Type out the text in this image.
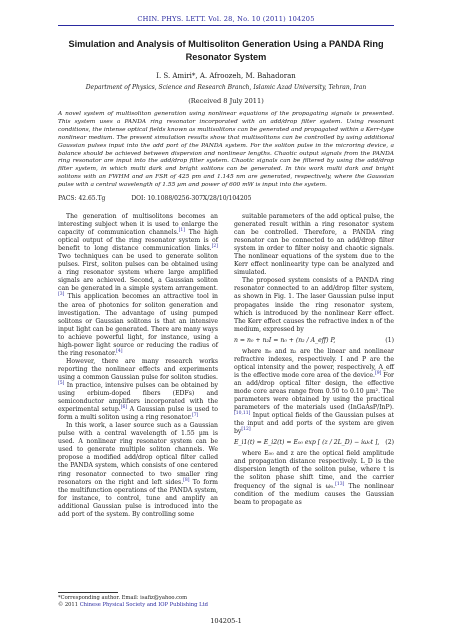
CHIN. PHYS. LETT. Vol. 28, No. 10 (2011) 104205
Simulation and Analysis of Multisoliton Generation Using a PANDA Ring Resonator System
I. S. Amiri*, A. Afroozeh, M. Bahadoran
Department of Physics, Science and Research Branch, Islamic Azad University, Tehran, Iran
(Received 8 July 2011)
A novel system of multisoliton generation using nonlinear equations of the propagating signals is presented. This system uses a PANDA ring resonator incorporated with an add/drop filter system. Using resonant conditions, the intense optical fields known as multisolitons can be generated and propagated within a Kerr-type nonlinear medium. The present simulation results show that multisolitons can be controlled by using additional Gaussian pulses input into the add port of the PANDA system. For the soliton pulse in the microring device, a balance should be achieved between dispersion and nonlinear lengths. Chaotic output signals from the PANDA ring resonator are input into the add/drop filter system. Chaotic signals can be filtered by using the add/drop filter system, in which multi dark and bright solitons can be generated. In this work multi dark and bright solitons with an FWHM and an FSR of 425 pm and 1.145 nm are generated, respectively, where the Gaussian pulse with a central wavelength of 1.55 µm and power of 600 mW is input into the system.
PACS: 42.65.Tg	DOI: 10.1088/0256-307X/28/10/104205

The generation of multisolitons becomes an interesting subject when it is used to enlarge the capacity of communication channels.[1] The high optical output of the ring resonator system is of benefit to long distance communication links.[2] Two techniques can be used to generate soliton pulses. First, soliton pulses can be obtained using a ring resonator system where large amplified signals are achieved. Second, a Gaussian soliton can be generated in a simple system arrangement.[3] This application becomes an attractive tool in the area of photonics for soliton generation and investigation. The advantage of using pumped solitons or Gaussian solitons is that an intensive input light can be generated. There are many ways to achieve powerful light, for instance, using a high-power light source or reducing the radius of the ring resonator.[4]

However, there are many research works reporting the nonlinear effects and experiments using a common Gaussian pulse for soliton studies.[5] In practice, intensive pulses can be obtained by using erbium-doped fibers (EDFs) and semiconductor amplifiers incorporated with the experimental setup.[6] A Gaussian pulse is used to form a multi soliton using a ring resonator.[7]

In this work, a laser source such as a Gaussian pulse with a central wavelength of 1.55 µm is used. A nonlinear ring resonator system can be used to generate multiple soliton channels. We propose a modified add/drop optical filter called the PANDA system, which consists of one centered ring resonator connected to two smaller ring resonators on the right and left sides.[8] To form the multifunction operations of the PANDA system, for instance, to control, tune and amplify an additional Gaussian pulse is introduced into the add port of the system. By controlling some

suitable parameters of the add optical pulse, the generated result within a ring resonator system can be controlled. Therefore, a PANDA ring resonator can be connected to an add/drop filter system in order to filter noisy and chaotic signals. The nonlinear equations of the system due to the Kerr effect nonlinearity type can be analyzed and simulated.

The proposed system consists of a PANDA ring resonator connected to an add/drop filter system, as shown in Fig. 1. The laser Gaussian pulse input propagates inside the ring resonator system, which is introduced by the nonlinear Kerr effect. The Kerr effect causes the refractive index n of the medium, expressed by

n = n₀ + n₂I = n₀ + (n₂ / A_eff) P,	(1)

where n₀ and n₂ are the linear and nonlinear refractive indexes, respectively. I and P are the optical intensity and the power, respectively, A_eff is the effective mode core area of the device.[9] For an add/drop optical filter design, the effective mode core areas range from 0.50 to 0.10 µm². The parameters were obtained by using the practical parameters of the materials used (InGaAsP/InP).[10,11] Input optical fields of the Gaussian pulses at the input and add ports of the system are given by[12]

E_i1(t) = E_i2(t) = E₀₀ exp [ (z / 2L_D) − iω₀t ], (2)

where E₀₀ and z are the optical field amplitude and propagation distance respectively. L_D is the dispersion length of the soliton pulse, where t is the soliton phase shift time, and the carrier frequency of the signal is ω₀.[13] The nonlinear condition of the medium causes the Gaussian beam to propagate as

*Corresponding author. Email: isafiz@yahoo.com
© 2011 Chinese Physical Society and IOP Publishing Ltd
104205-1
